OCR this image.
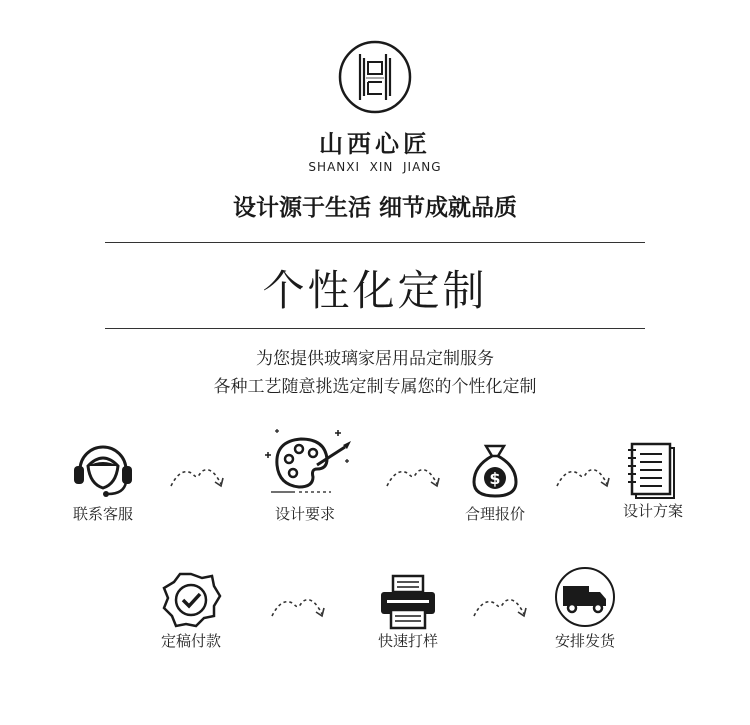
山西心匠
SHANXI  XIN  JIANG
设计源于生活 细节成就品质
个性化定制
为您提供玻璃家居用品定制服务
各种工艺随意挑选定制专属您的个性化定制
联系客服	设计要求
$
合理报价	设计方案
定稿付款	快速打样	安排发货
